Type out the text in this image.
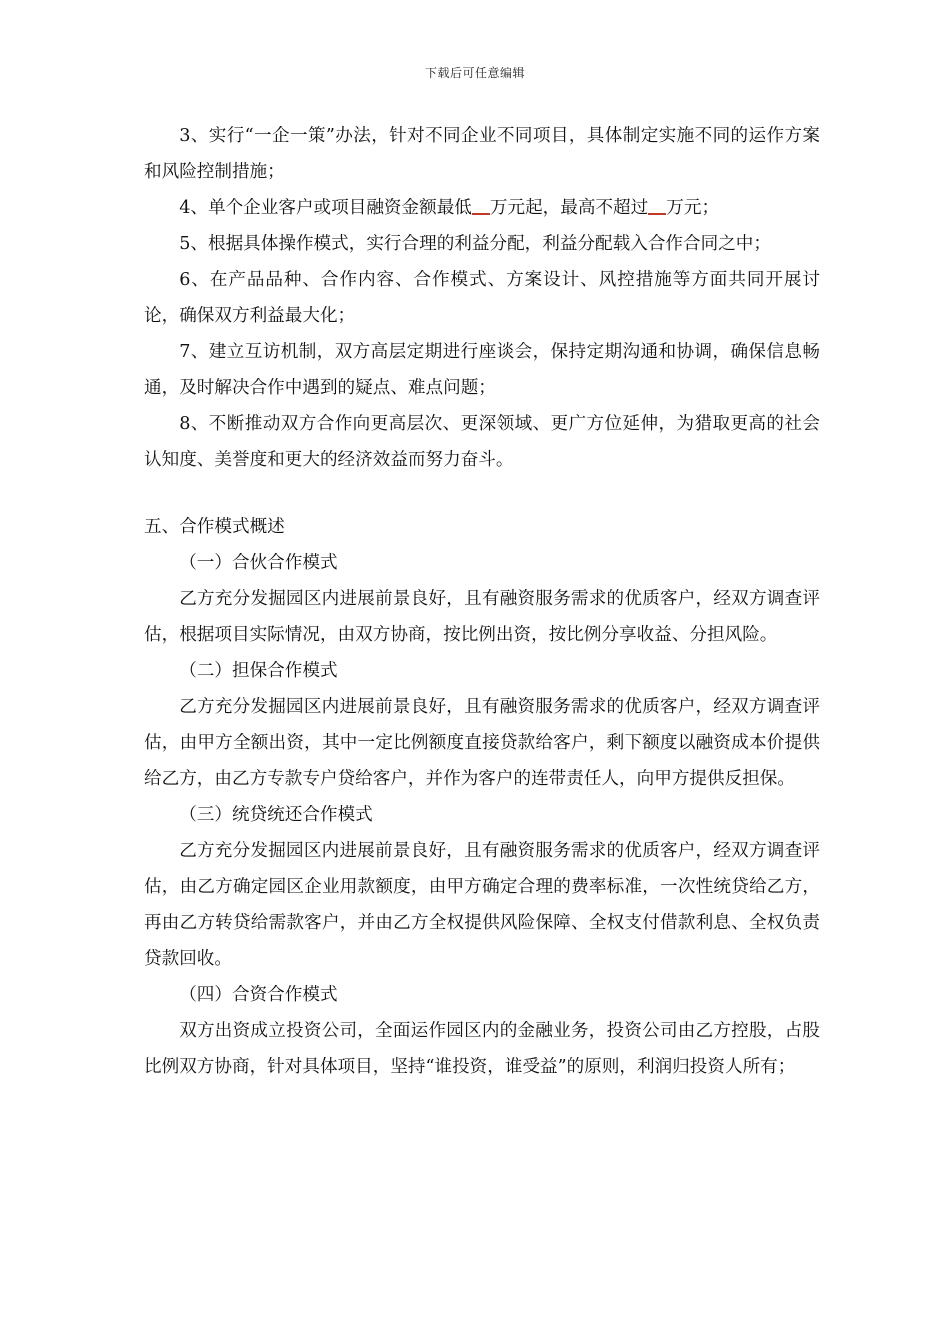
下载后可任意编辑

3、实行“一企一策”办法，针对不同企业不同项目，具体制定实施不同的运作方案和风险控制措施；

4、单个企业客户或项目融资金额最低 万元起，最高不超过 万元；

5、根据具体操作模式，实行合理的利益分配，利益分配载入合作合同之中；

6、在产品品种、合作内容、合作模式、方案设计、风控措施等方面共同开展讨论，确保双方利益最大化；

7、建立互访机制，双方高层定期进行座谈会，保持定期沟通和协调，确保信息畅通，及时解决合作中遇到的疑点、难点问题；

8、不断推动双方合作向更高层次、更深领域、更广方位延伸，为猎取更高的社会认知度、美誉度和更大的经济效益而努力奋斗。

五、合作模式概述

（一）合伙合作模式

乙方充分发掘园区内进展前景良好，且有融资服务需求的优质客户，经双方调查评估，根据项目实际情况，由双方协商，按比例出资，按比例分享收益、分担风险。

（二）担保合作模式

乙方充分发掘园区内进展前景良好，且有融资服务需求的优质客户，经双方调查评估，由甲方全额出资，其中一定比例额度直接贷款给客户，剩下额度以融资成本价提供给乙方，由乙方专款专户贷给客户，并作为客户的连带责任人，向甲方提供反担保。

（三）统贷统还合作模式

乙方充分发掘园区内进展前景良好，且有融资服务需求的优质客户，经双方调查评估，由乙方确定园区企业用款额度，由甲方确定合理的费率标准，一次性统贷给乙方，再由乙方转贷给需款客户，并由乙方全权提供风险保障、全权支付借款利息、全权负责贷款回收。

（四）合资合作模式

双方出资成立投资公司，全面运作园区内的金融业务，投资公司由乙方控股，占股比例双方协商，针对具体项目，坚持“谁投资，谁受益”的原则，利润归投资人所有；
